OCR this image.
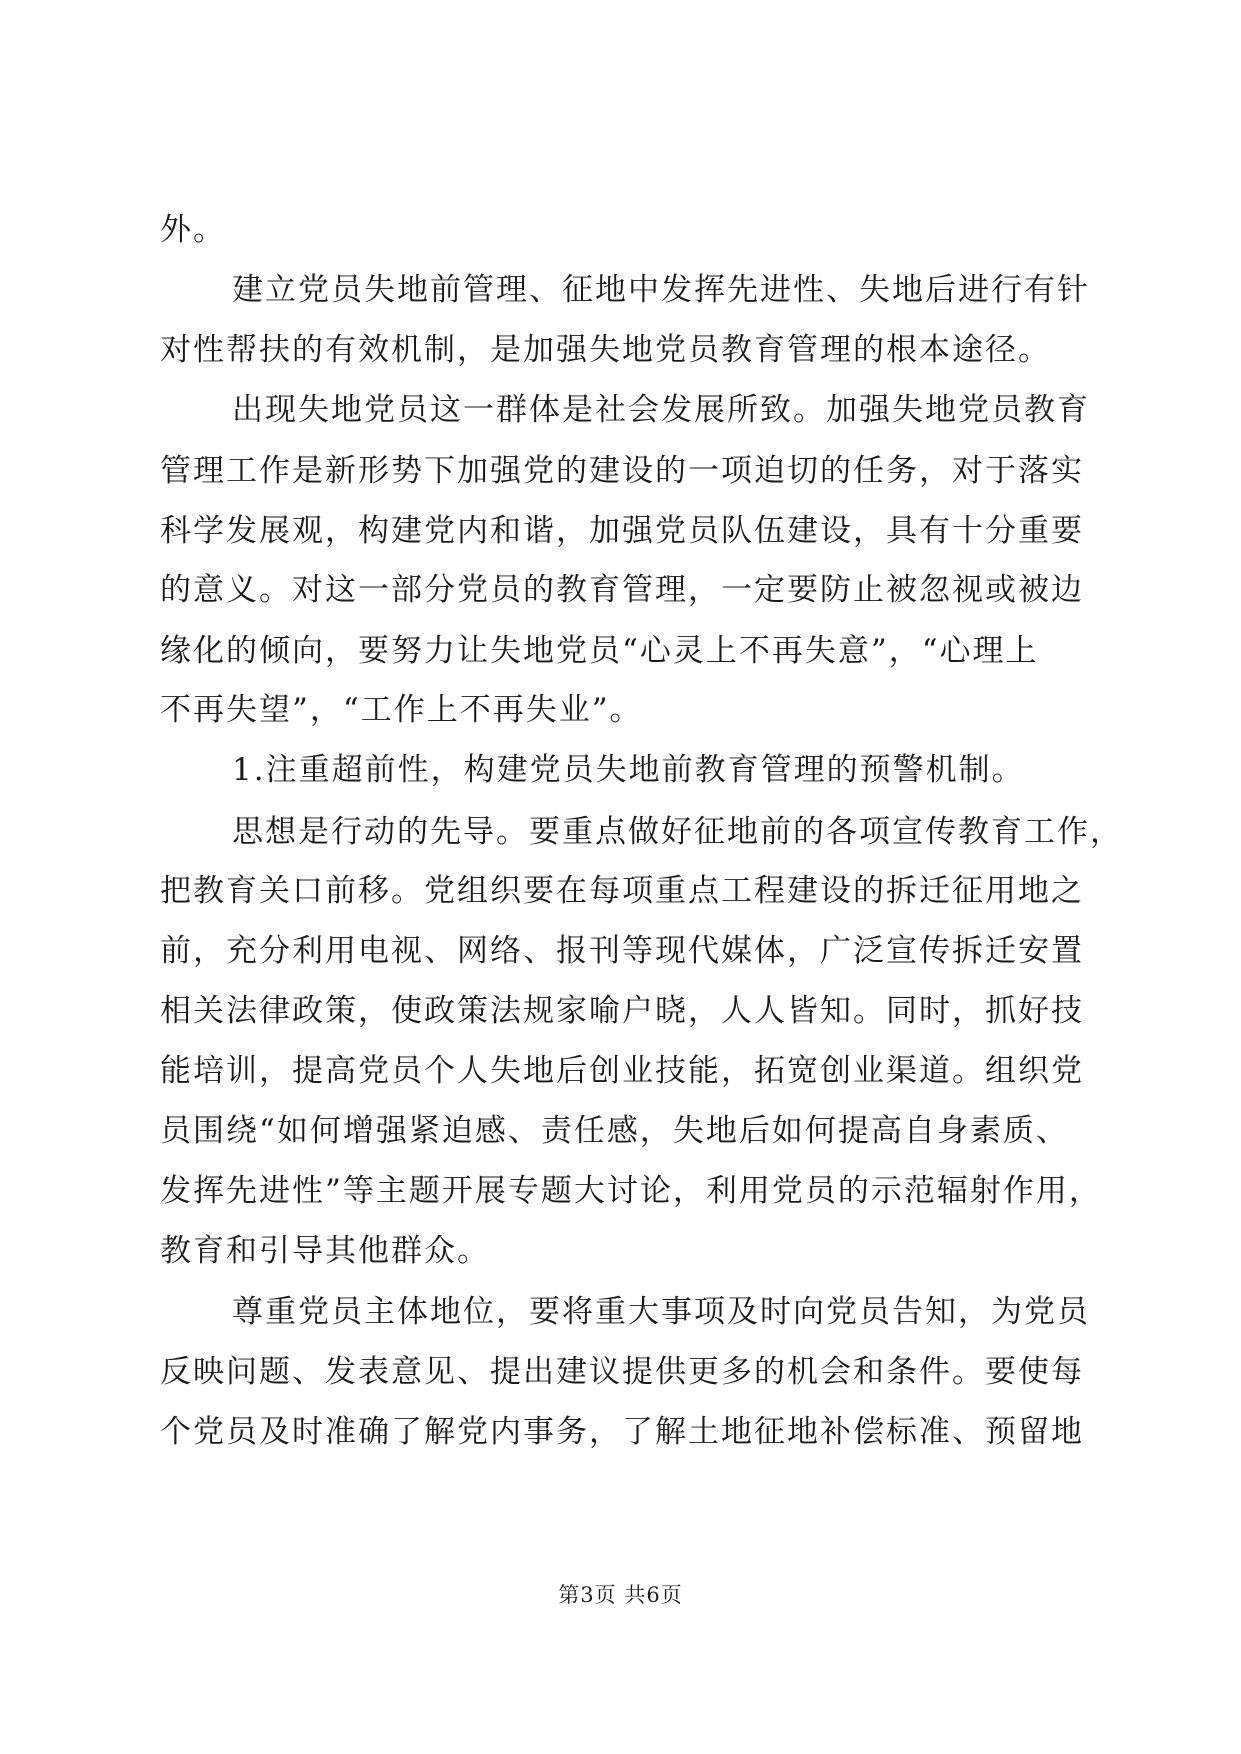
外。
建立党员失地前管理、征地中发挥先进性、失地后进行有针
对性帮扶的有效机制，是加强失地党员教育管理的根本途径。
出现失地党员这一群体是社会发展所致。加强失地党员教育
管理工作是新形势下加强党的建设的一项迫切的任务，对于落实
科学发展观，构建党内和谐，加强党员队伍建设，具有十分重要
的意义。对这一部分党员的教育管理，一定要防止被忽视或被边
缘化的倾向，要努力让失地党员“心灵上不再失意”，“心理上
不再失望”，“工作上不再失业”。
1.注重超前性，构建党员失地前教育管理的预警机制。
思想是行动的先导。要重点做好征地前的各项宣传教育工作，
把教育关口前移。党组织要在每项重点工程建设的拆迁征用地之
前，充分利用电视、网络、报刊等现代媒体，广泛宣传拆迁安置
相关法律政策，使政策法规家喻户晓，人人皆知。同时，抓好技
能培训，提高党员个人失地后创业技能，拓宽创业渠道。组织党
员围绕“如何增强紧迫感、责任感，失地后如何提高自身素质、
发挥先进性”等主题开展专题大讨论，利用党员的示范辐射作用，
教育和引导其他群众。
尊重党员主体地位，要将重大事项及时向党员告知，为党员
反映问题、发表意见、提出建议提供更多的机会和条件。要使每
个党员及时准确了解党内事务，了解土地征地补偿标准、预留地
第3页 共6页
